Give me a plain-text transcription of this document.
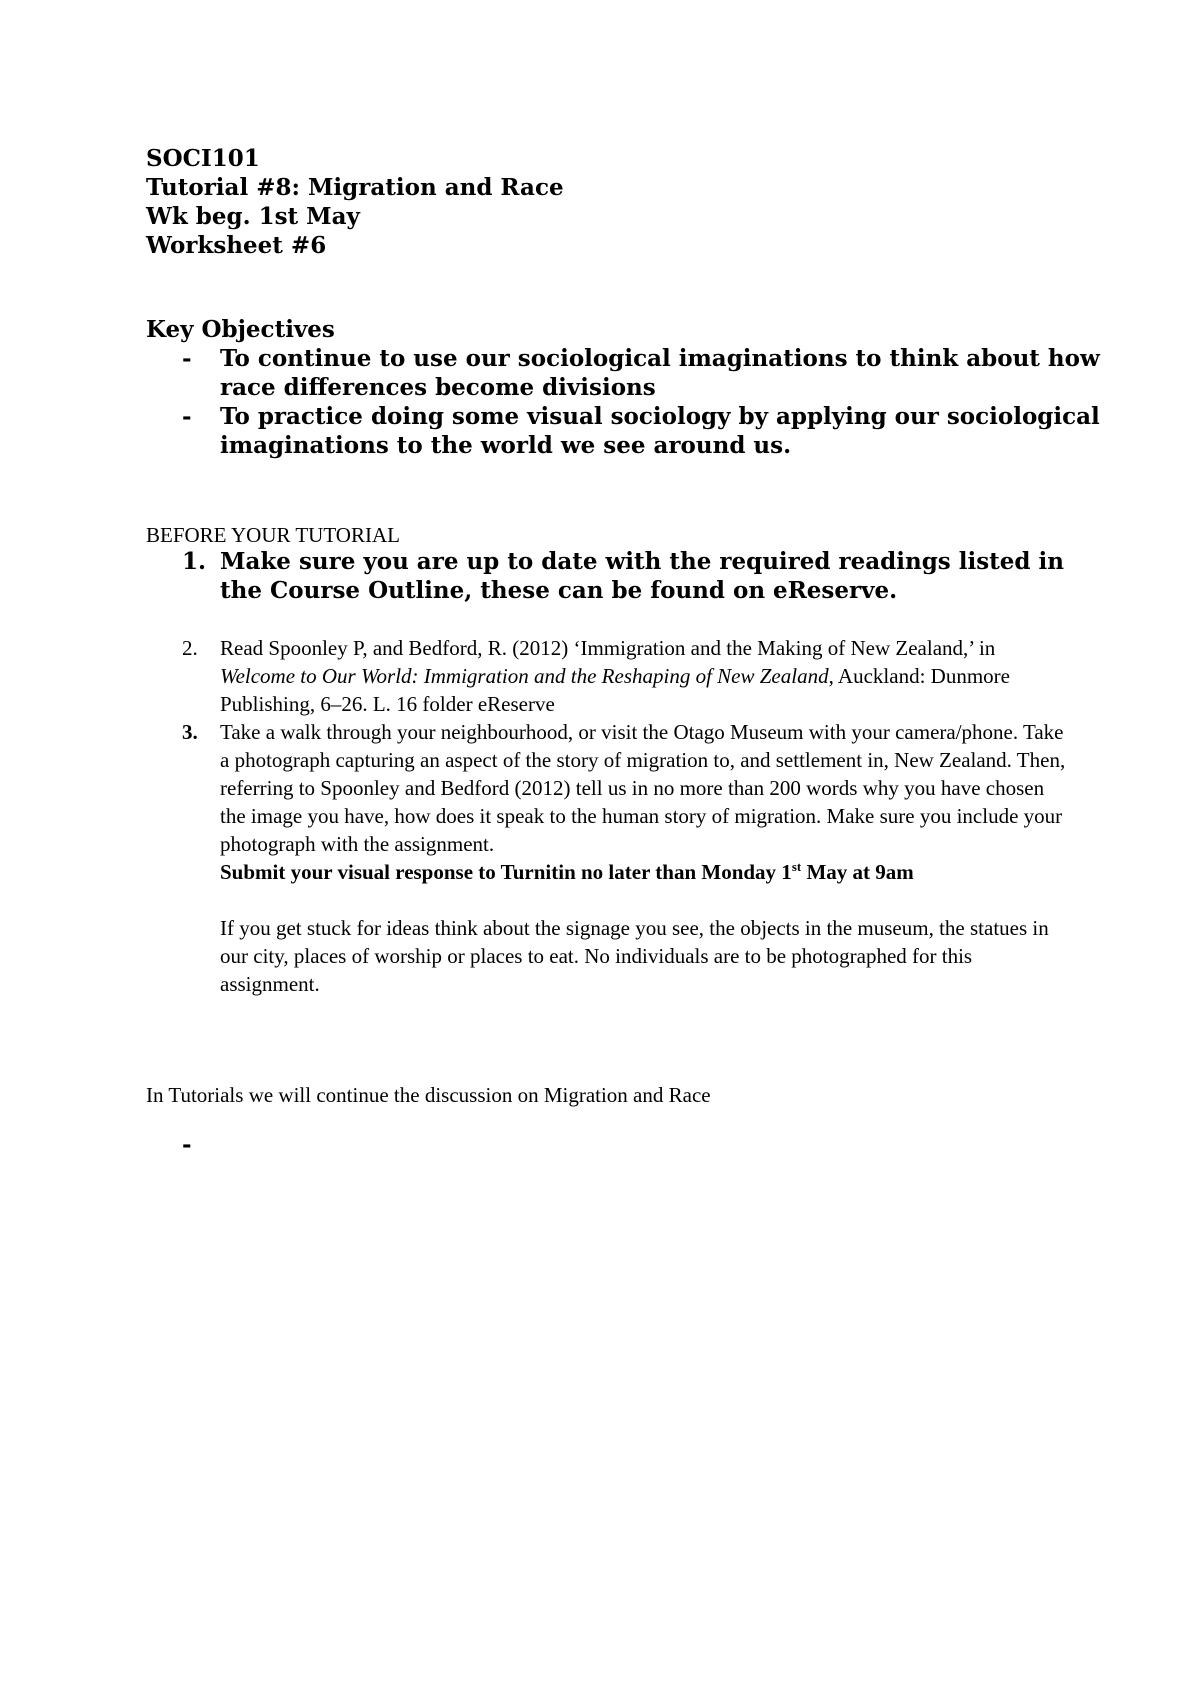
SOCI101
Tutorial #8: Migration and Race
Wk beg. 1st May
Worksheet #6
Key Objectives
- To continue to use our sociological imaginations to think about how race differences become divisions
- To practice doing some visual sociology by applying our sociological imaginations to the world we see around us.
BEFORE YOUR TUTORIAL
1. Make sure you are up to date with the required readings listed in the Course Outline, these can be found on eReserve.
2. Read Spoonley P, and Bedford, R. (2012) ‘Immigration and the Making of New Zealand,’ in Welcome to Our World: Immigration and the Reshaping of New Zealand, Auckland: Dunmore Publishing, 6–26. L. 16 folder eReserve
3. Take a walk through your neighbourhood, or visit the Otago Museum with your camera/phone. Take a photograph capturing an aspect of the story of migration to, and settlement in, New Zealand. Then, referring to Spoonley and Bedford (2012) tell us in no more than 200 words why you have chosen the image you have, how does it speak to the human story of migration. Make sure you include your photograph with the assignment.
Submit your visual response to Turnitin no later than Monday 1st May at 9am
If you get stuck for ideas think about the signage you see, the objects in the museum, the statues in our city, places of worship or places to eat. No individuals are to be photographed for this assignment.
In Tutorials we will continue the discussion on Migration and Race
-
